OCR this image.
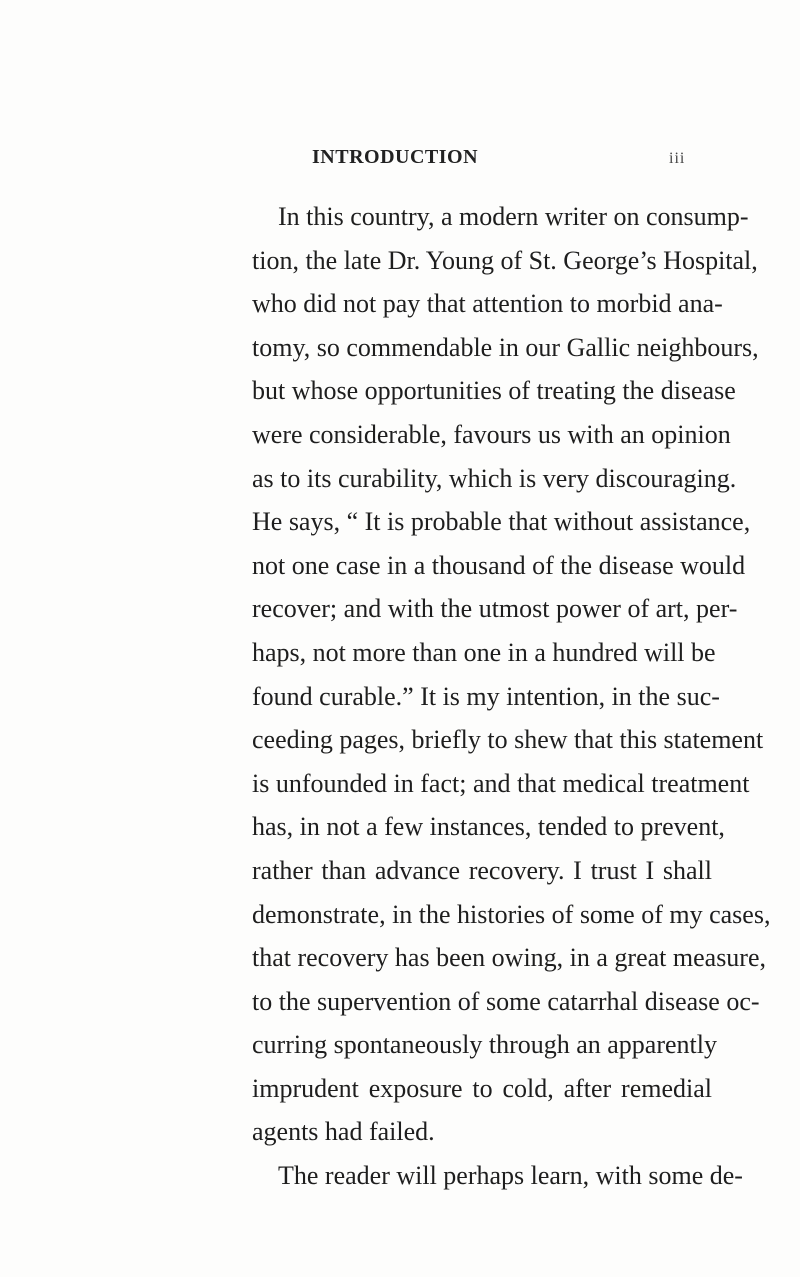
INTRODUCTION	iii
In this country, a modern writer on consump-
tion, the late Dr. Young of St. George’s Hospital,
who did not pay that attention to morbid ana-
tomy, so commendable in our Gallic neighbours,
but whose opportunities of treating the disease
were considerable, favours us with an opinion
as to its curability, which is very discouraging.
He says, “ It is probable that without assistance,
not one case in a thousand of the disease would
recover; and with the utmost power of art, per-
haps, not more than one in a hundred will be
found curable.” It is my intention, in the suc-
ceeding pages, briefly to shew that this statement
is unfounded in fact; and that medical treatment
has, in not a few instances, tended to prevent,
rather than advance recovery. I trust I shall
demonstrate, in the histories of some of my cases,
that recovery has been owing, in a great measure,
to the supervention of some catarrhal disease oc-
curring spontaneously through an apparently
imprudent exposure to cold, after remedial
agents had failed.
The reader will perhaps learn, with some de-
